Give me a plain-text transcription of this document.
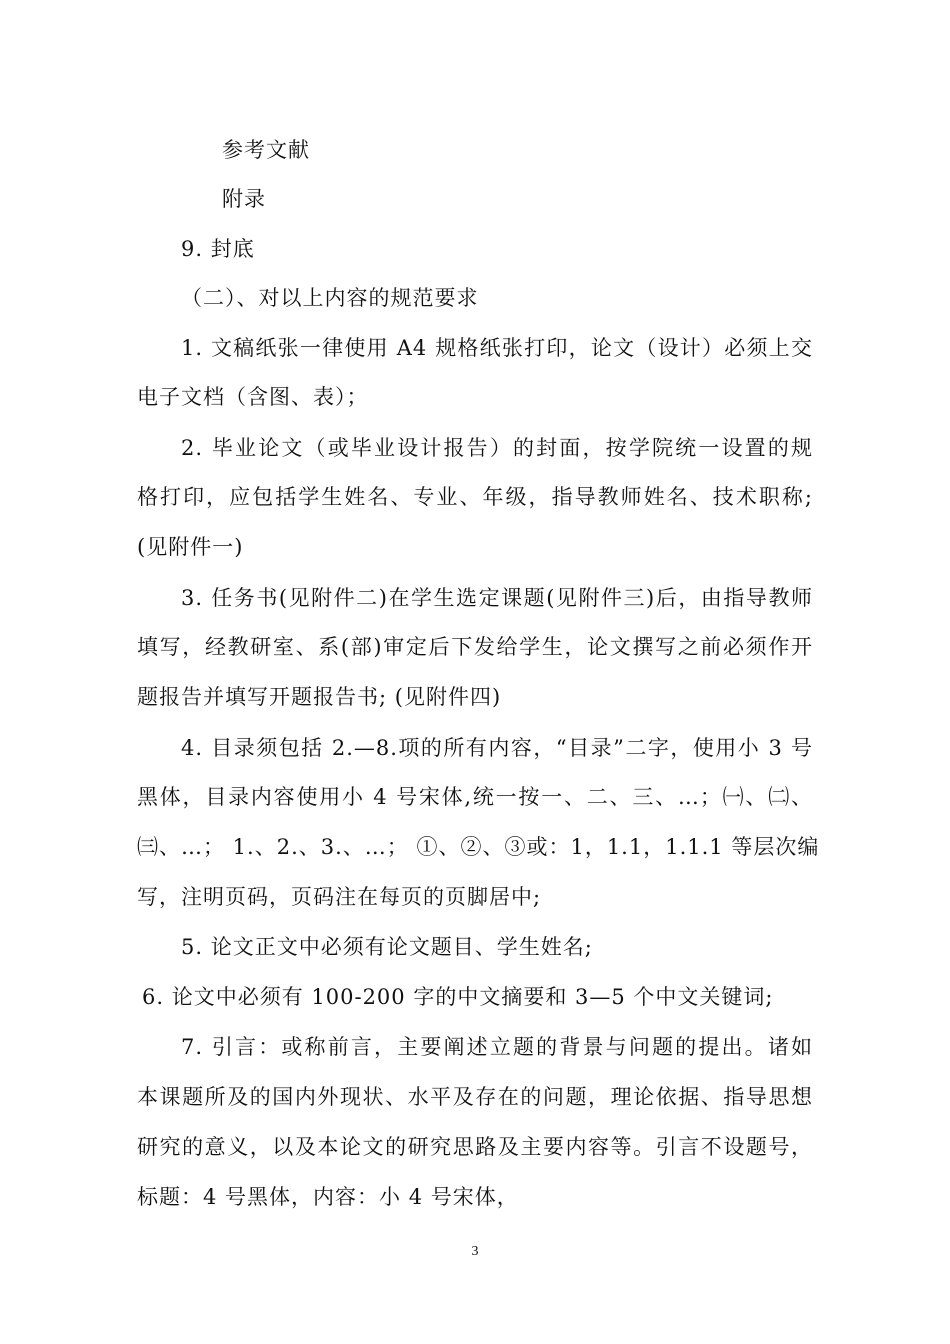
参考文献
附录
9. 封底
（二）、对以上内容的规范要求
1. 文稿纸张一律使用 A4 规格纸张打印，论文（设计）必须上交
电子文档（含图、表）；
2. 毕业论文（或毕业设计报告）的封面，按学院统一设置的规
格打印，应包括学生姓名、专业、年级，指导教师姓名、技术职称;
(见附件一)
3. 任务书(见附件二)在学生选定课题(见附件三)后，由指导教师
填写，经教研室、系(部)审定后下发给学生，论文撰写之前必须作开
题报告并填写开题报告书; (见附件四)
4. 目录须包括 2.—8.项的所有内容，“目录”二字，使用小 3 号
黑体，目录内容使用小 4 号宋体,统一按一、二、三、…；㈠、㈡、
㈢、…； 1.、2.、3.、…； ①、②、③或：1，1.1，1.1.1 等层次编
写，注明页码，页码注在每页的页脚居中;
5. 论文正文中必须有论文题目、学生姓名;
6. 论文中必须有 100-200 字的中文摘要和 3—5 个中文关键词;
7. 引言：或称前言，主要阐述立题的背景与问题的提出。诸如
本课题所及的国内外现状、水平及存在的问题，理论依据、指导思想
研究的意义，以及本论文的研究思路及主要内容等。引言不设题号，
标题：4 号黑体，内容：小 4 号宋体，
3
